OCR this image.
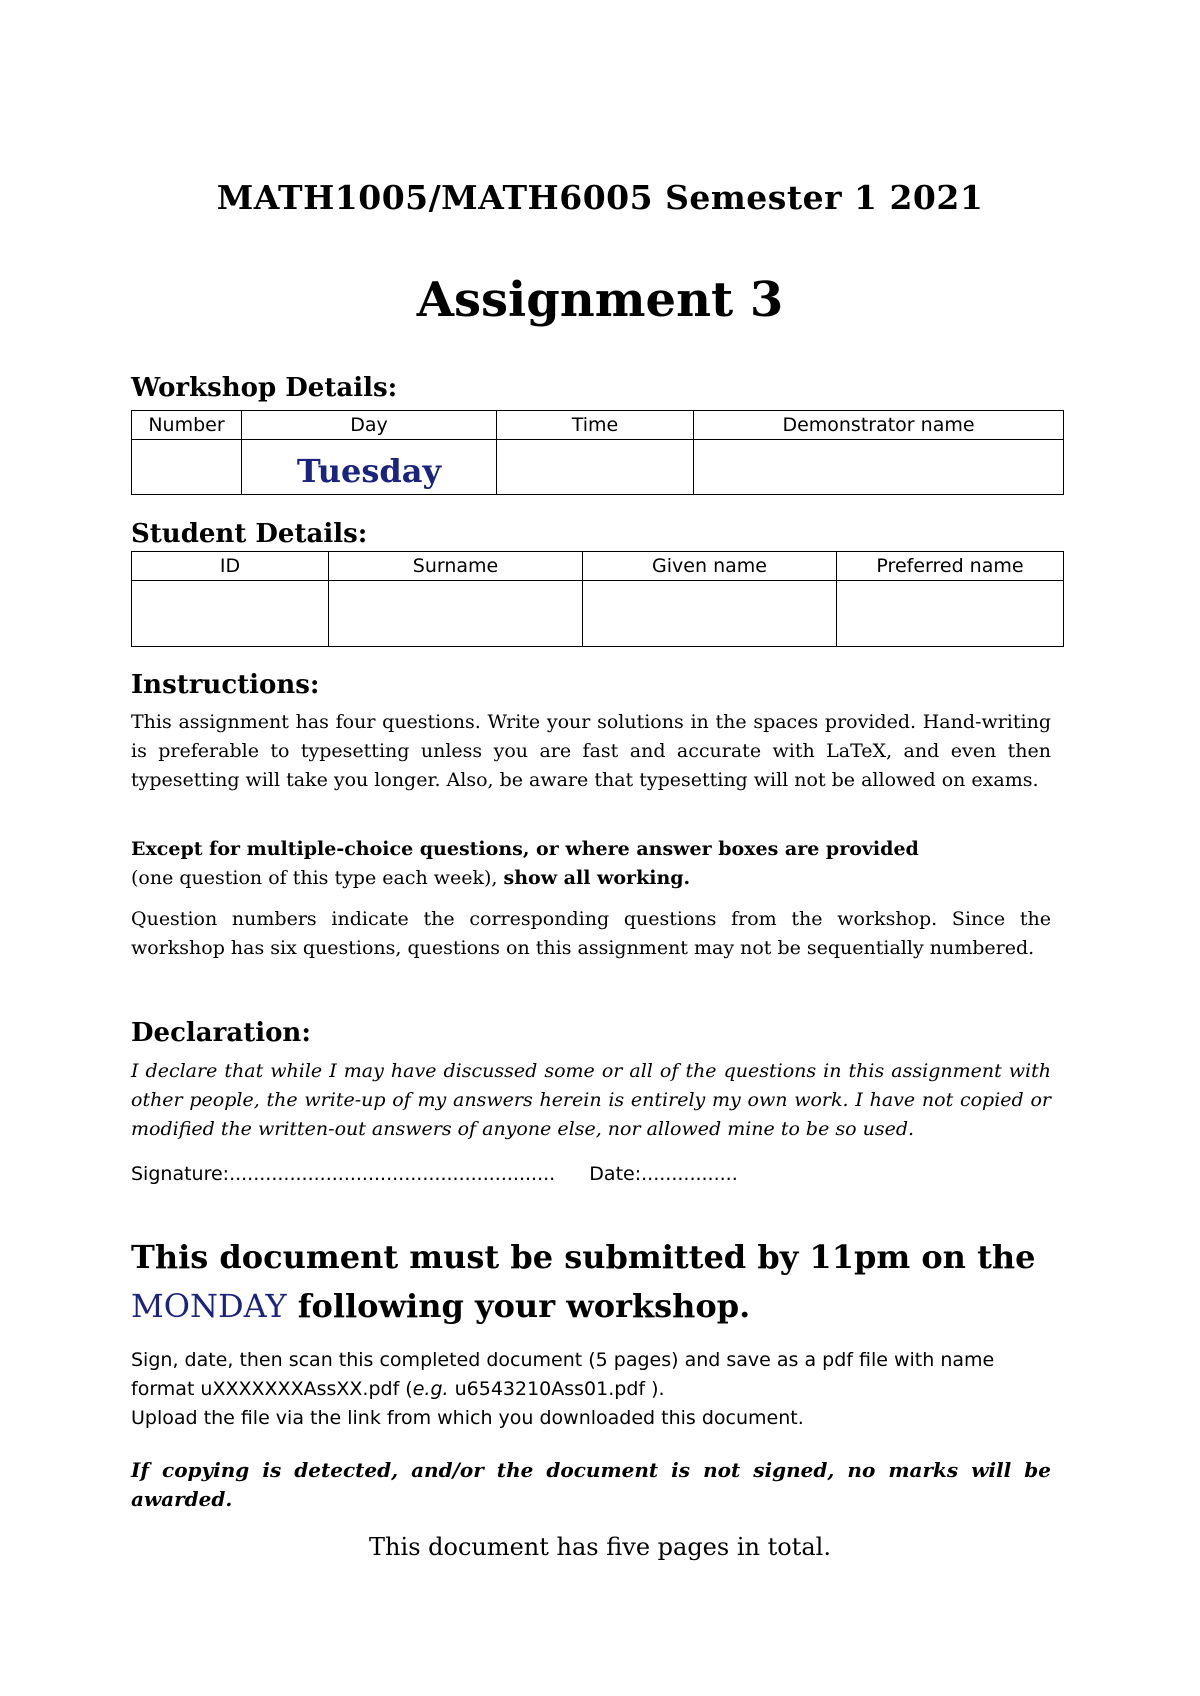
MATH1005/MATH6005 Semester 1 2021
Assignment 3
Workshop Details:
Number	Day	Time	Demonstrator name
	Tuesday		
Student Details:
ID	Surname	Given name	Preferred name

Instructions:
This assignment has four questions. Write your solutions in the spaces provided. Hand-writing is preferable to typesetting unless you are fast and accurate with LaTeX, and even then typesetting will take you longer. Also, be aware that typesetting will not be allowed on exams.
Except for multiple-choice questions, or where answer boxes are provided
(one question of this type each week), show all working.
Question numbers indicate the corresponding questions from the workshop. Since the workshop has six questions, questions on this assignment may not be sequentially numbered.
Declaration:
I declare that while I may have discussed some or all of the questions in this assignment with other people, the write-up of my answers herein is entirely my own work. I have not copied or modified the written-out answers of anyone else, nor allowed mine to be so used.
Signature:...................................................... Date:................
This document must be submitted by 11pm on the
MONDAY following your workshop.
Sign, date, then scan this completed document (5 pages) and save as a pdf file with name
format uXXXXXXXAssXX.pdf (e.g. u6543210Ass01.pdf ).
Upload the file via the link from which you downloaded this document.
If copying is detected, and/or the document is not signed, no marks will be awarded.
This document has five pages in total.
